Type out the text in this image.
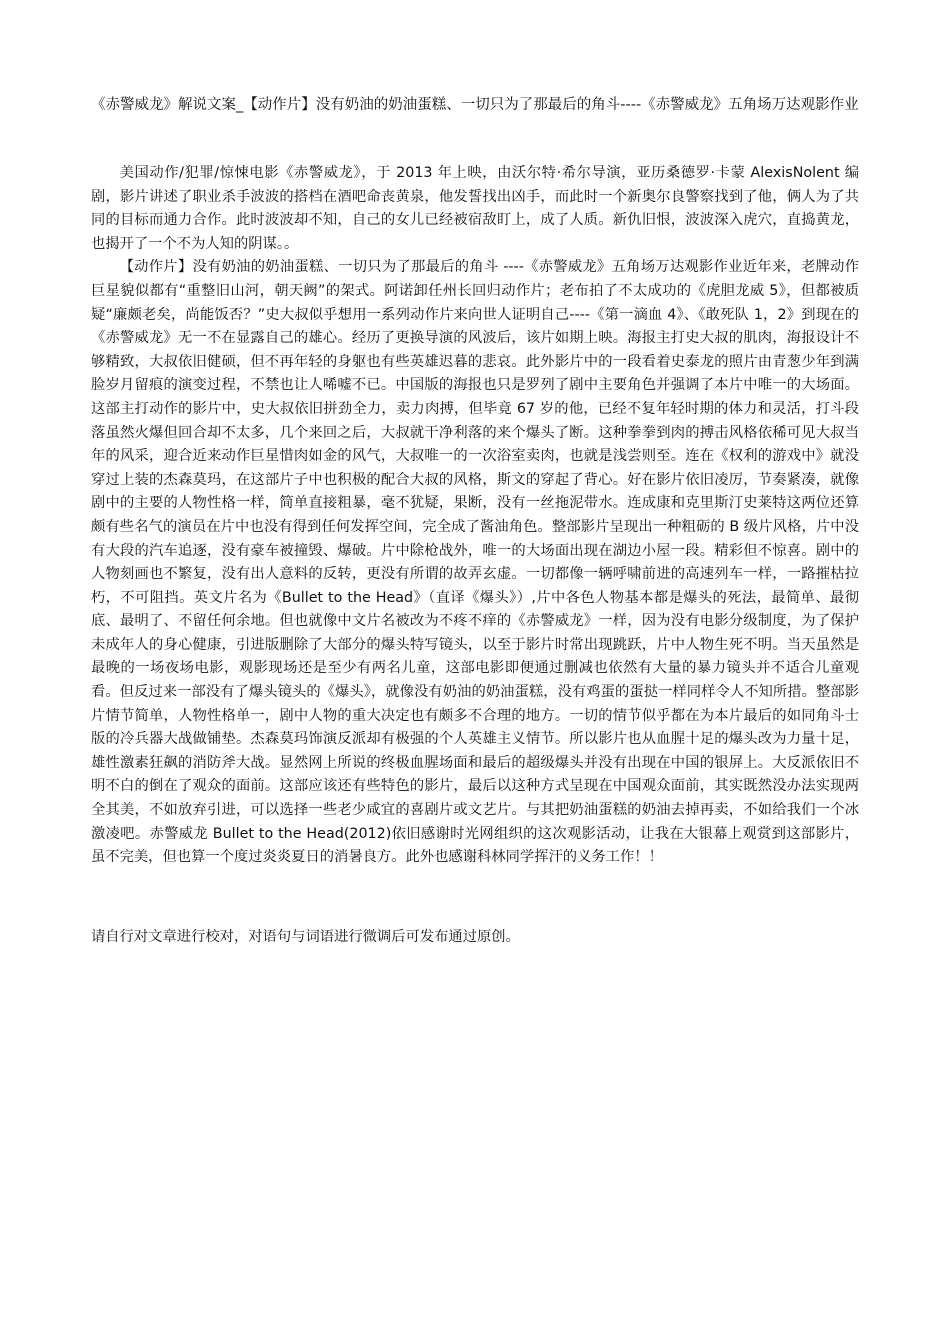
《赤警威龙》解说文案_【动作片】没有奶油的奶油蛋糕、一切只为了那最后的角斗----《赤警威龙》五角场万达观影作业

美国动作/犯罪/惊悚电影《赤警威龙》，于 2013 年上映，由沃尔特·希尔导演，亚历桑德罗·卡蒙 AlexisNolent 编剧，影片讲述了职业杀手波波的搭档在酒吧命丧黄泉，他发誓找出凶手，而此时一个新奥尔良警察找到了他，俩人为了共同的目标而通力合作。此时波波却不知，自己的女儿已经被宿敌盯上，成了人质。新仇旧恨，波波深入虎穴，直捣黄龙，也揭开了一个不为人知的阴谋。。

【动作片】没有奶油的奶油蛋糕、一切只为了那最后的角斗 ----《赤警威龙》五角场万达观影作业近年来，老牌动作巨星貌似都有“重整旧山河，朝天阙”的架式。阿诺卸任州长回归动作片；老布拍了不太成功的《虎胆龙威 5》，但都被质疑“廉颇老矣，尚能饭否？”史大叔似乎想用一系列动作片来向世人证明自己----《第一滴血 4》、《敢死队 1，2》到现在的《赤警威龙》无一不在显露自己的雄心。经历了更换导演的风波后，该片如期上映。海报主打史大叔的肌肉，海报设计不够精致，大叔依旧健硕，但不再年轻的身躯也有些英雄迟暮的悲哀。此外影片中的一段看着史泰龙的照片由青葱少年到满脸岁月留痕的演变过程，不禁也让人唏嘘不已。中国版的海报也只是罗列了剧中主要角色并强调了本片中唯一的大场面。这部主打动作的影片中，史大叔依旧拼劲全力，卖力肉搏，但毕竟 67 岁的他，已经不复年轻时期的体力和灵活，打斗段落虽然火爆但回合却不太多，几个来回之后，大叔就干净利落的来个爆头了断。这种拳拳到肉的搏击风格依稀可见大叔当年的风采，迎合近来动作巨星惜肉如金的风气，大叔唯一的一次浴室卖肉，也就是浅尝则至。连在《权利的游戏中》就没穿过上装的杰森莫玛，在这部片子中也积极的配合大叔的风格，斯文的穿起了背心。好在影片依旧凌厉，节奏紧凑，就像剧中的主要的人物性格一样，简单直接粗暴，毫不犹疑，果断，没有一丝拖泥带水。连成康和克里斯汀史莱特这两位还算颇有些名气的演员在片中也没有得到任何发挥空间，完全成了酱油角色。整部影片呈现出一种粗砺的 B 级片风格，片中没有大段的汽车追逐，没有豪车被撞毁、爆破。片中除枪战外，唯一的大场面出现在湖边小屋一段。精彩但不惊喜。剧中的人物刻画也不繁复，没有出人意料的反转，更没有所谓的故弄玄虚。一切都像一辆呼啸前进的高速列车一样，一路摧枯拉朽，不可阻挡。英文片名为《Bullet to the Head》（直译《爆头》）,片中各色人物基本都是爆头的死法，最简单、最彻底、最明了、不留任何余地。但也就像中文片名被改为不疼不痒的《赤警威龙》一样，因为没有电影分级制度，为了保护未成年人的身心健康，引进版删除了大部分的爆头特写镜头，以至于影片时常出现跳跃，片中人物生死不明。当天虽然是最晚的一场夜场电影，观影现场还是至少有两名儿童，这部电影即便通过删减也依然有大量的暴力镜头并不适合儿童观看。但反过来一部没有了爆头镜头的《爆头》，就像没有奶油的奶油蛋糕，没有鸡蛋的蛋挞一样同样令人不知所措。整部影片情节简单，人物性格单一，剧中人物的重大决定也有颇多不合理的地方。一切的情节似乎都在为本片最后的如同角斗士版的冷兵器大战做铺垫。杰森莫玛饰演反派却有极强的个人英雄主义情节。所以影片也从血腥十足的爆头改为力量十足，雄性激素狂飙的消防斧大战。显然网上所说的终极血腥场面和最后的超级爆头并没有出现在中国的银屏上。大反派依旧不明不白的倒在了观众的面前。这部应该还有些特色的影片，最后以这种方式呈现在中国观众面前，其实既然没办法实现两全其美，不如放弃引进，可以选择一些老少咸宜的喜剧片或文艺片。与其把奶油蛋糕的奶油去掉再卖，不如给我们一个冰激凌吧。赤警威龙 Bullet to the Head(2012)依旧感谢时光网组织的这次观影活动，让我在大银幕上观赏到这部影片，虽不完美，但也算一个度过炎炎夏日的消暑良方。此外也感谢科林同学挥汗的义务工作！！

请自行对文章进行校对，对语句与词语进行微调后可发布通过原创。
